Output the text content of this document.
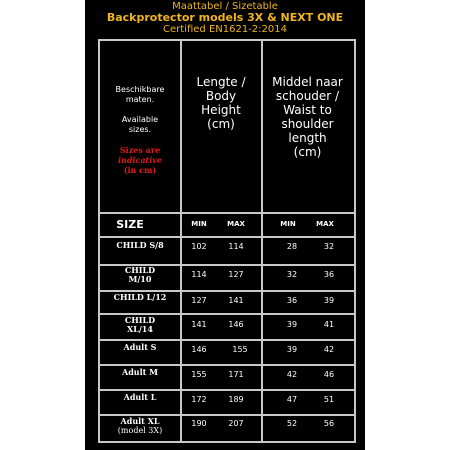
Maattabel / Sizetable
Backprotector models 3X & NEXT ONE
Certified EN1621-2:2014
Beschikbare
maten.
Available
sizes.
Sizes are
indicative
(in cm)
Lengte / Body
Height
(cm)
Middel naar
schouder /
Waist to
shoulder
length
(cm)
SIZE	MIN	MAX	MIN	MAX
CHILD S/8	102	114	28	32
CHILD
M/10	114	127	32	36
CHILD L/12	127	141	36	39
CHILD
XL/14	141	146	39	41
Adult S	146	155	39	42
Adult M	155	171	42	46
Adult L	172	189	47	51
Adult XL
(model 3X)
190	207	52	56
